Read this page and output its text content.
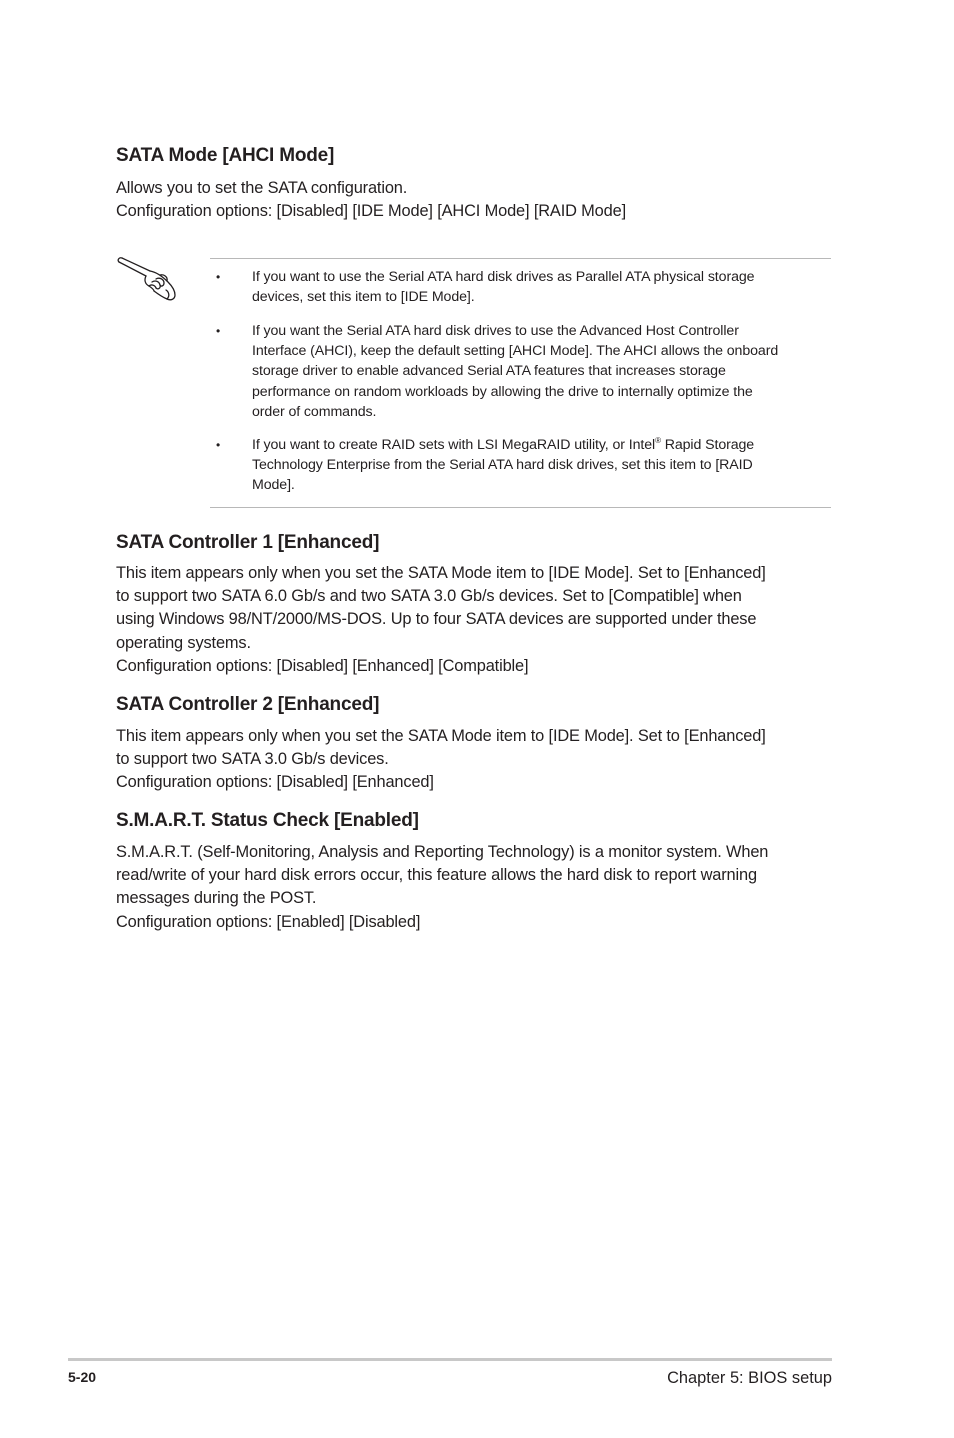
SATA Mode [AHCI Mode]
Allows you to set the SATA configuration.
Configuration options: [Disabled] [IDE Mode] [AHCI Mode] [RAID Mode]
SATA Controller 1 [Enhanced]
This item appears only when you set the SATA Mode item to [IDE Mode]. Set to [Enhanced]
to support two SATA 6.0 Gb/s and two SATA 3.0 Gb/s devices. Set to [Compatible] when
using Windows 98/NT/2000/MS-DOS. Up to four SATA devices are supported under these
operating systems.
Configuration options: [Disabled] [Enhanced] [Compatible]
SATA Controller 2 [Enhanced]
This item appears only when you set the SATA Mode item to [IDE Mode]. Set to [Enhanced]
to support two SATA 3.0 Gb/s devices.
Configuration options: [Disabled] [Enhanced]
S.M.A.R.T. Status Check [Enabled]
S.M.A.R.T. (Self-Monitoring, Analysis and Reporting Technology) is a monitor system. When
read/write of your hard disk errors occur, this feature allows the hard disk to report warning
messages during the POST.
Configuration options: [Enabled] [Disabled]
• If you want to use the Serial ATA hard disk drives as Parallel ATA physical storage
devices, set this item to [IDE Mode].
• If you want the Serial ATA hard disk drives to use the Advanced Host Controller
Interface (AHCI), keep the default setting [AHCI Mode]. The AHCI allows the onboard
storage driver to enable advanced Serial ATA features that increases storage
performance on random workloads by allowing the drive to internally optimize the
order of commands.
• If you want to create RAID sets with LSI MegaRAID utility, or Intel® Rapid Storage
Technology Enterprise from the Serial ATA hard disk drives, set this item to [RAID
Mode].
5-20	Chapter 5: BIOS setup
